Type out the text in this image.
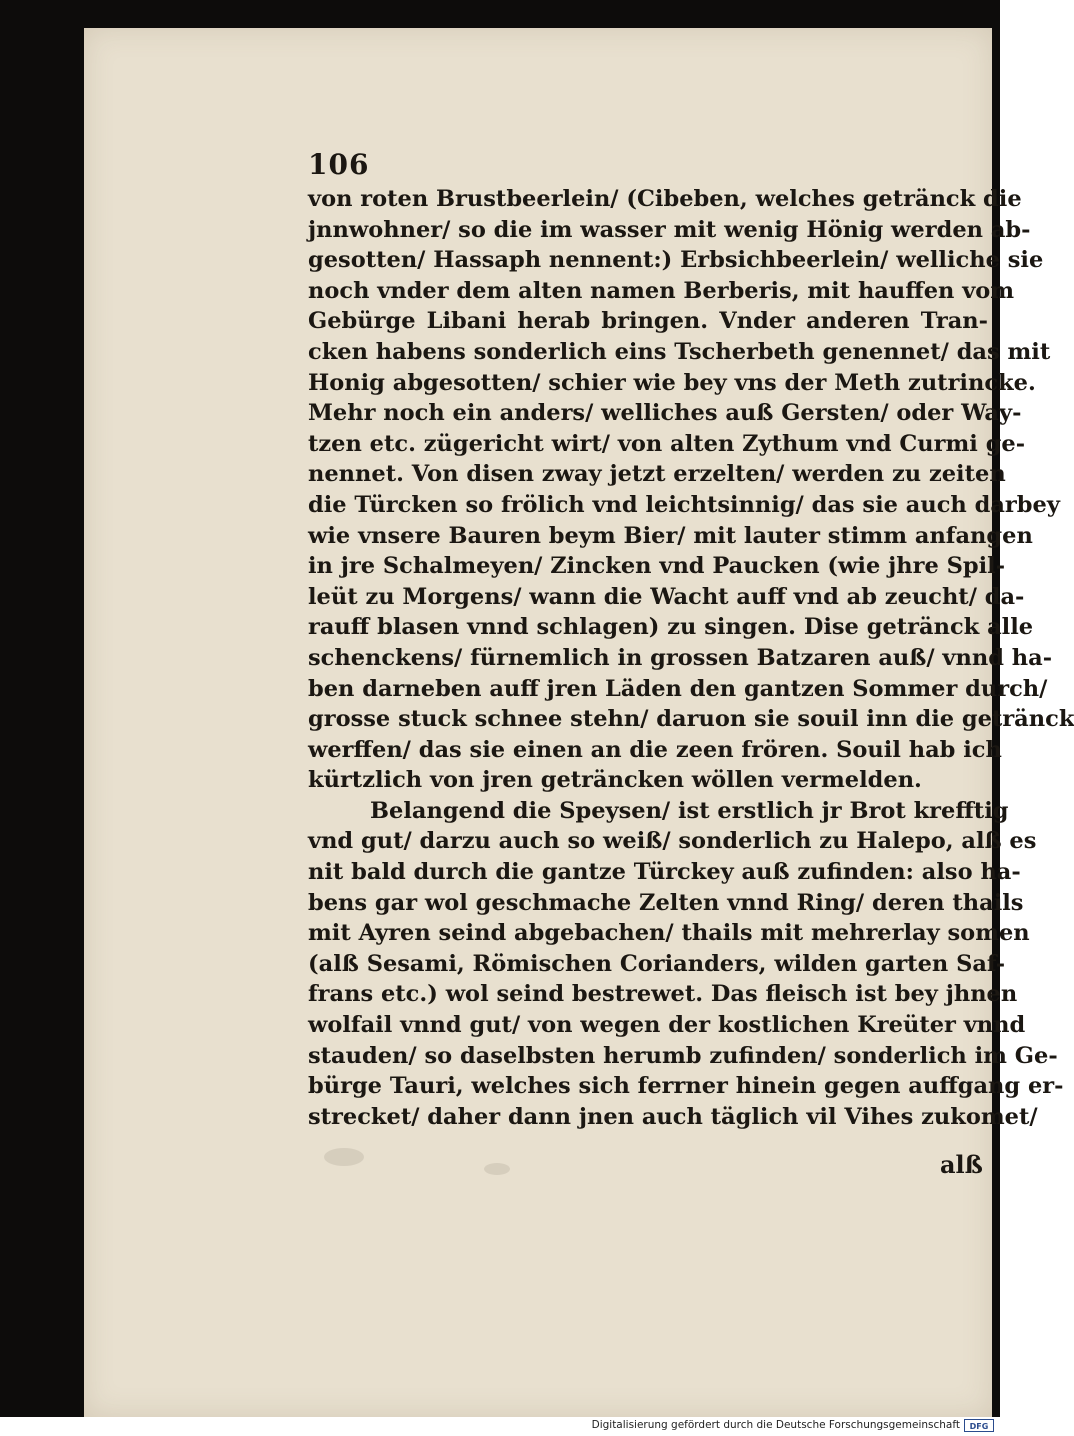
106
von roten Brustbeerlein/ (Cibeben, welches getränck die
jnnwohner/ so die im wasser mit wenig Hönig werden ab-
gesotten/ Hassaph nennent:) Erbsichbeerlein/ welliche sie
noch vnder dem alten namen Berberis, mit hauffen vom
Gebürge Libani herab bringen. Vnder anderen Tran-
cken habens sonderlich eins Tscherbeth genennet/ das mit
Honig abgesotten/ schier wie bey vns der Meth zutrincke.
Mehr noch ein anders/ welliches auß Gersten/ oder Way-
tzen etc. zügericht wirt/ von alten Zythum vnd Curmi ge-
nennet. Von disen zway jetzt erzelten/ werden zu zeiten
die Türcken so frölich vnd leichtsinnig/ das sie auch darbey
wie vnsere Bauren beym Bier/ mit lauter stimm anfangen
in jre Schalmeyen/ Zincken vnd Paucken (wie jhre Spil-
leüt zu Morgens/ wann die Wacht auff vnd ab zeucht/ da-
rauff blasen vnnd schlagen) zu singen. Dise getränck alle
schenckens/ fürnemlich in grossen Batzaren auß/ vnnd ha-
ben darneben auff jren Läden den gantzen Sommer durch/
grosse stuck schnee stehn/ daruon sie souil inn die getränck
werffen/ das sie einen an die zeen frören. Souil hab ich
kürtzlich von jren geträncken wöllen vermelden.
Belangend die Speysen/ ist erstlich jr Brot krefftig
vnd gut/ darzu auch so weiß/ sonderlich zu Halepo, alß es
nit bald durch die gantze Türckey auß zufinden: also ha-
bens gar wol geschmache Zelten vnnd Ring/ deren thails
mit Ayren seind abgebachen/ thails mit mehrerlay somen
(alß Sesami, Römischen Corianders, wilden garten Saf-
frans etc.) wol seind bestrewet. Das fleisch ist bey jhnen
wolfail vnnd gut/ von wegen der kostlichen Kreüter vnnd
stauden/ so daselbsten herumb zufinden/ sonderlich im Ge-
bürge Tauri, welches sich ferrner hinein gegen auffgang er-
strecket/ daher dann jnen auch täglich vil Vihes zukomet/
alß
Digitalisierung gefördert durch die Deutsche Forschungsgemeinschaft	DFG
